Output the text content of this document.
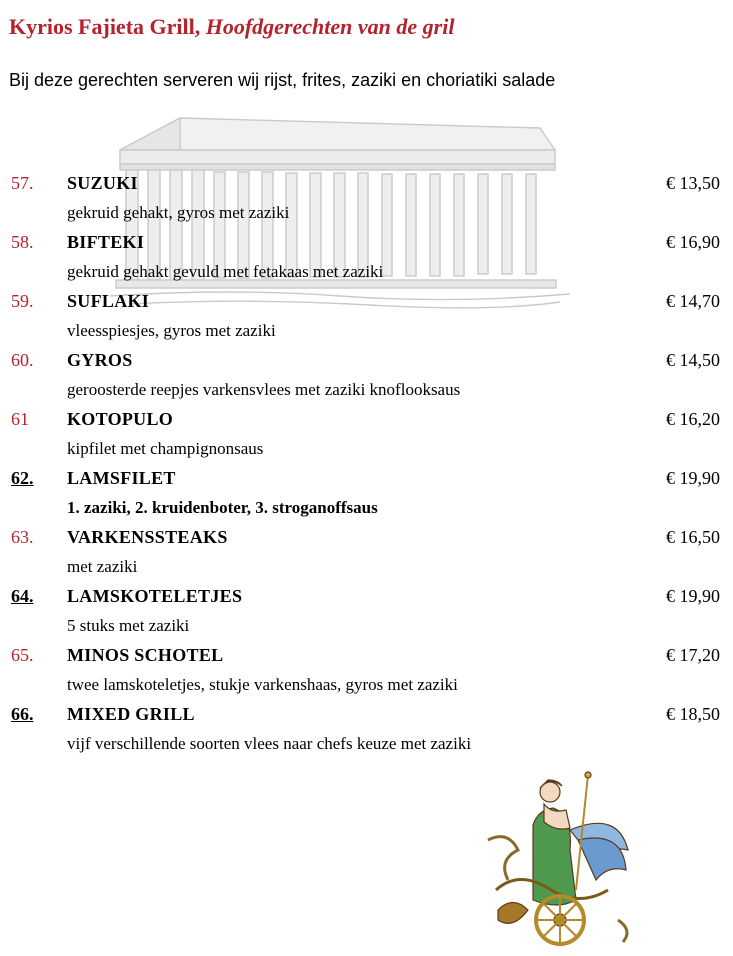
Kyrios Fajieta Grill, Hoofdgerechten van de gril
Bij deze gerechten serveren wij rijst, frites, zaziki en choriatiki salade
57. SUZUKI	€ 13,50
gekruid gehakt, gyros met zaziki
58. BIFTEKI	€ 16,90
gekruid gehakt gevuld met fetakaas met zaziki
59. SUFLAKI	€ 14,70
vleesspiesjes, gyros met zaziki
60. GYROS	€ 14,50
geroosterde reepjes varkensvlees met zaziki knoflooksaus
61 KOTOPULO	€ 16,20
kipfilet met champignonsaus
62. LAMSFILET	€ 19,90
1. zaziki, 2. kruidenboter, 3. stroganoffsaus
63. VARKENSSTEAKS	€ 16,50
met zaziki
64. LAMSKOTELETJES	€ 19,90
5 stuks met zaziki
65. MINOS SCHOTEL	€ 17,20
twee lamskoteletjes, stukje varkenshaas, gyros met zaziki
66. MIXED GRILL	€ 18,50
vijf verschillende soorten vlees naar chefs keuze met zaziki
